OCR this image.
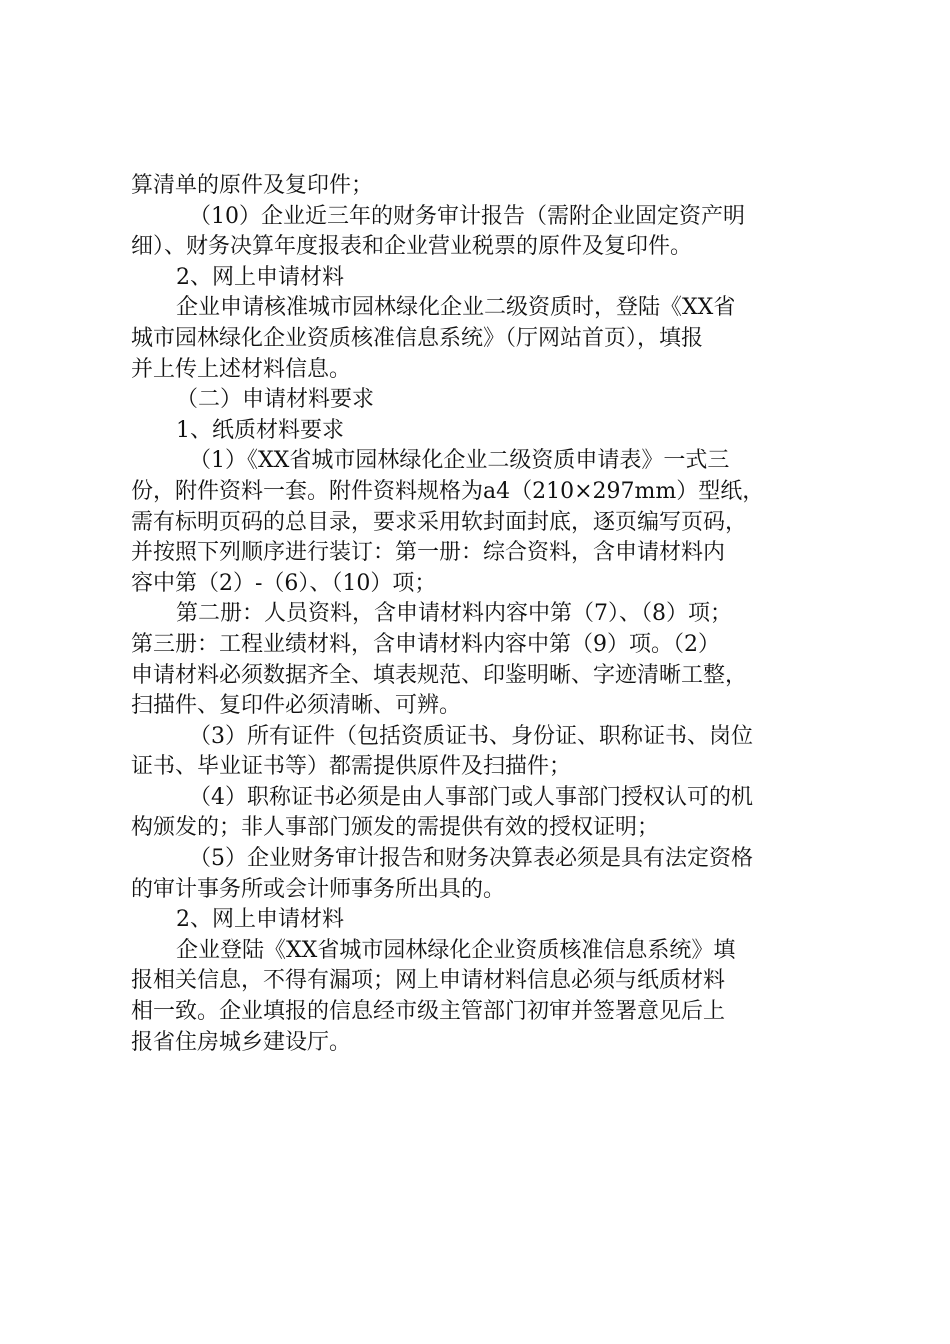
算清单的原件及复印件；
（10）企业近三年的财务审计报告（需附企业固定资产明
细）、财务决算年度报表和企业营业税票的原件及复印件。
2、网上申请材料
企业申请核准城市园林绿化企业二级资质时，登陆《XX省
城市园林绿化企业资质核准信息系统》（厅网站首页），填报
并上传上述材料信息。
（二）申请材料要求
1、纸质材料要求
（1）《XX省城市园林绿化企业二级资质申请表》一式三
份，附件资料一套。附件资料规格为a4（210×297mm）型纸，
需有标明页码的总目录，要求采用软封面封底，逐页编写页码，
并按照下列顺序进行装订：第一册：综合资料，含申请材料内
容中第（2）-（6）、（10）项；
第二册：人员资料，含申请材料内容中第（7）、（8）项；
第三册：工程业绩材料，含申请材料内容中第（9）项。（2）
申请材料必须数据齐全、填表规范、印鉴明晰、字迹清晰工整，
扫描件、复印件必须清晰、可辨。
（3）所有证件（包括资质证书、身份证、职称证书、岗位
证书、毕业证书等）都需提供原件及扫描件；
（4）职称证书必须是由人事部门或人事部门授权认可的机
构颁发的；非人事部门颁发的需提供有效的授权证明；
（5）企业财务审计报告和财务决算表必须是具有法定资格
的审计事务所或会计师事务所出具的。
2、网上申请材料
企业登陆《XX省城市园林绿化企业资质核准信息系统》填
报相关信息，不得有漏项；网上申请材料信息必须与纸质材料
相一致。企业填报的信息经市级主管部门初审并签署意见后上
报省住房城乡建设厅。
